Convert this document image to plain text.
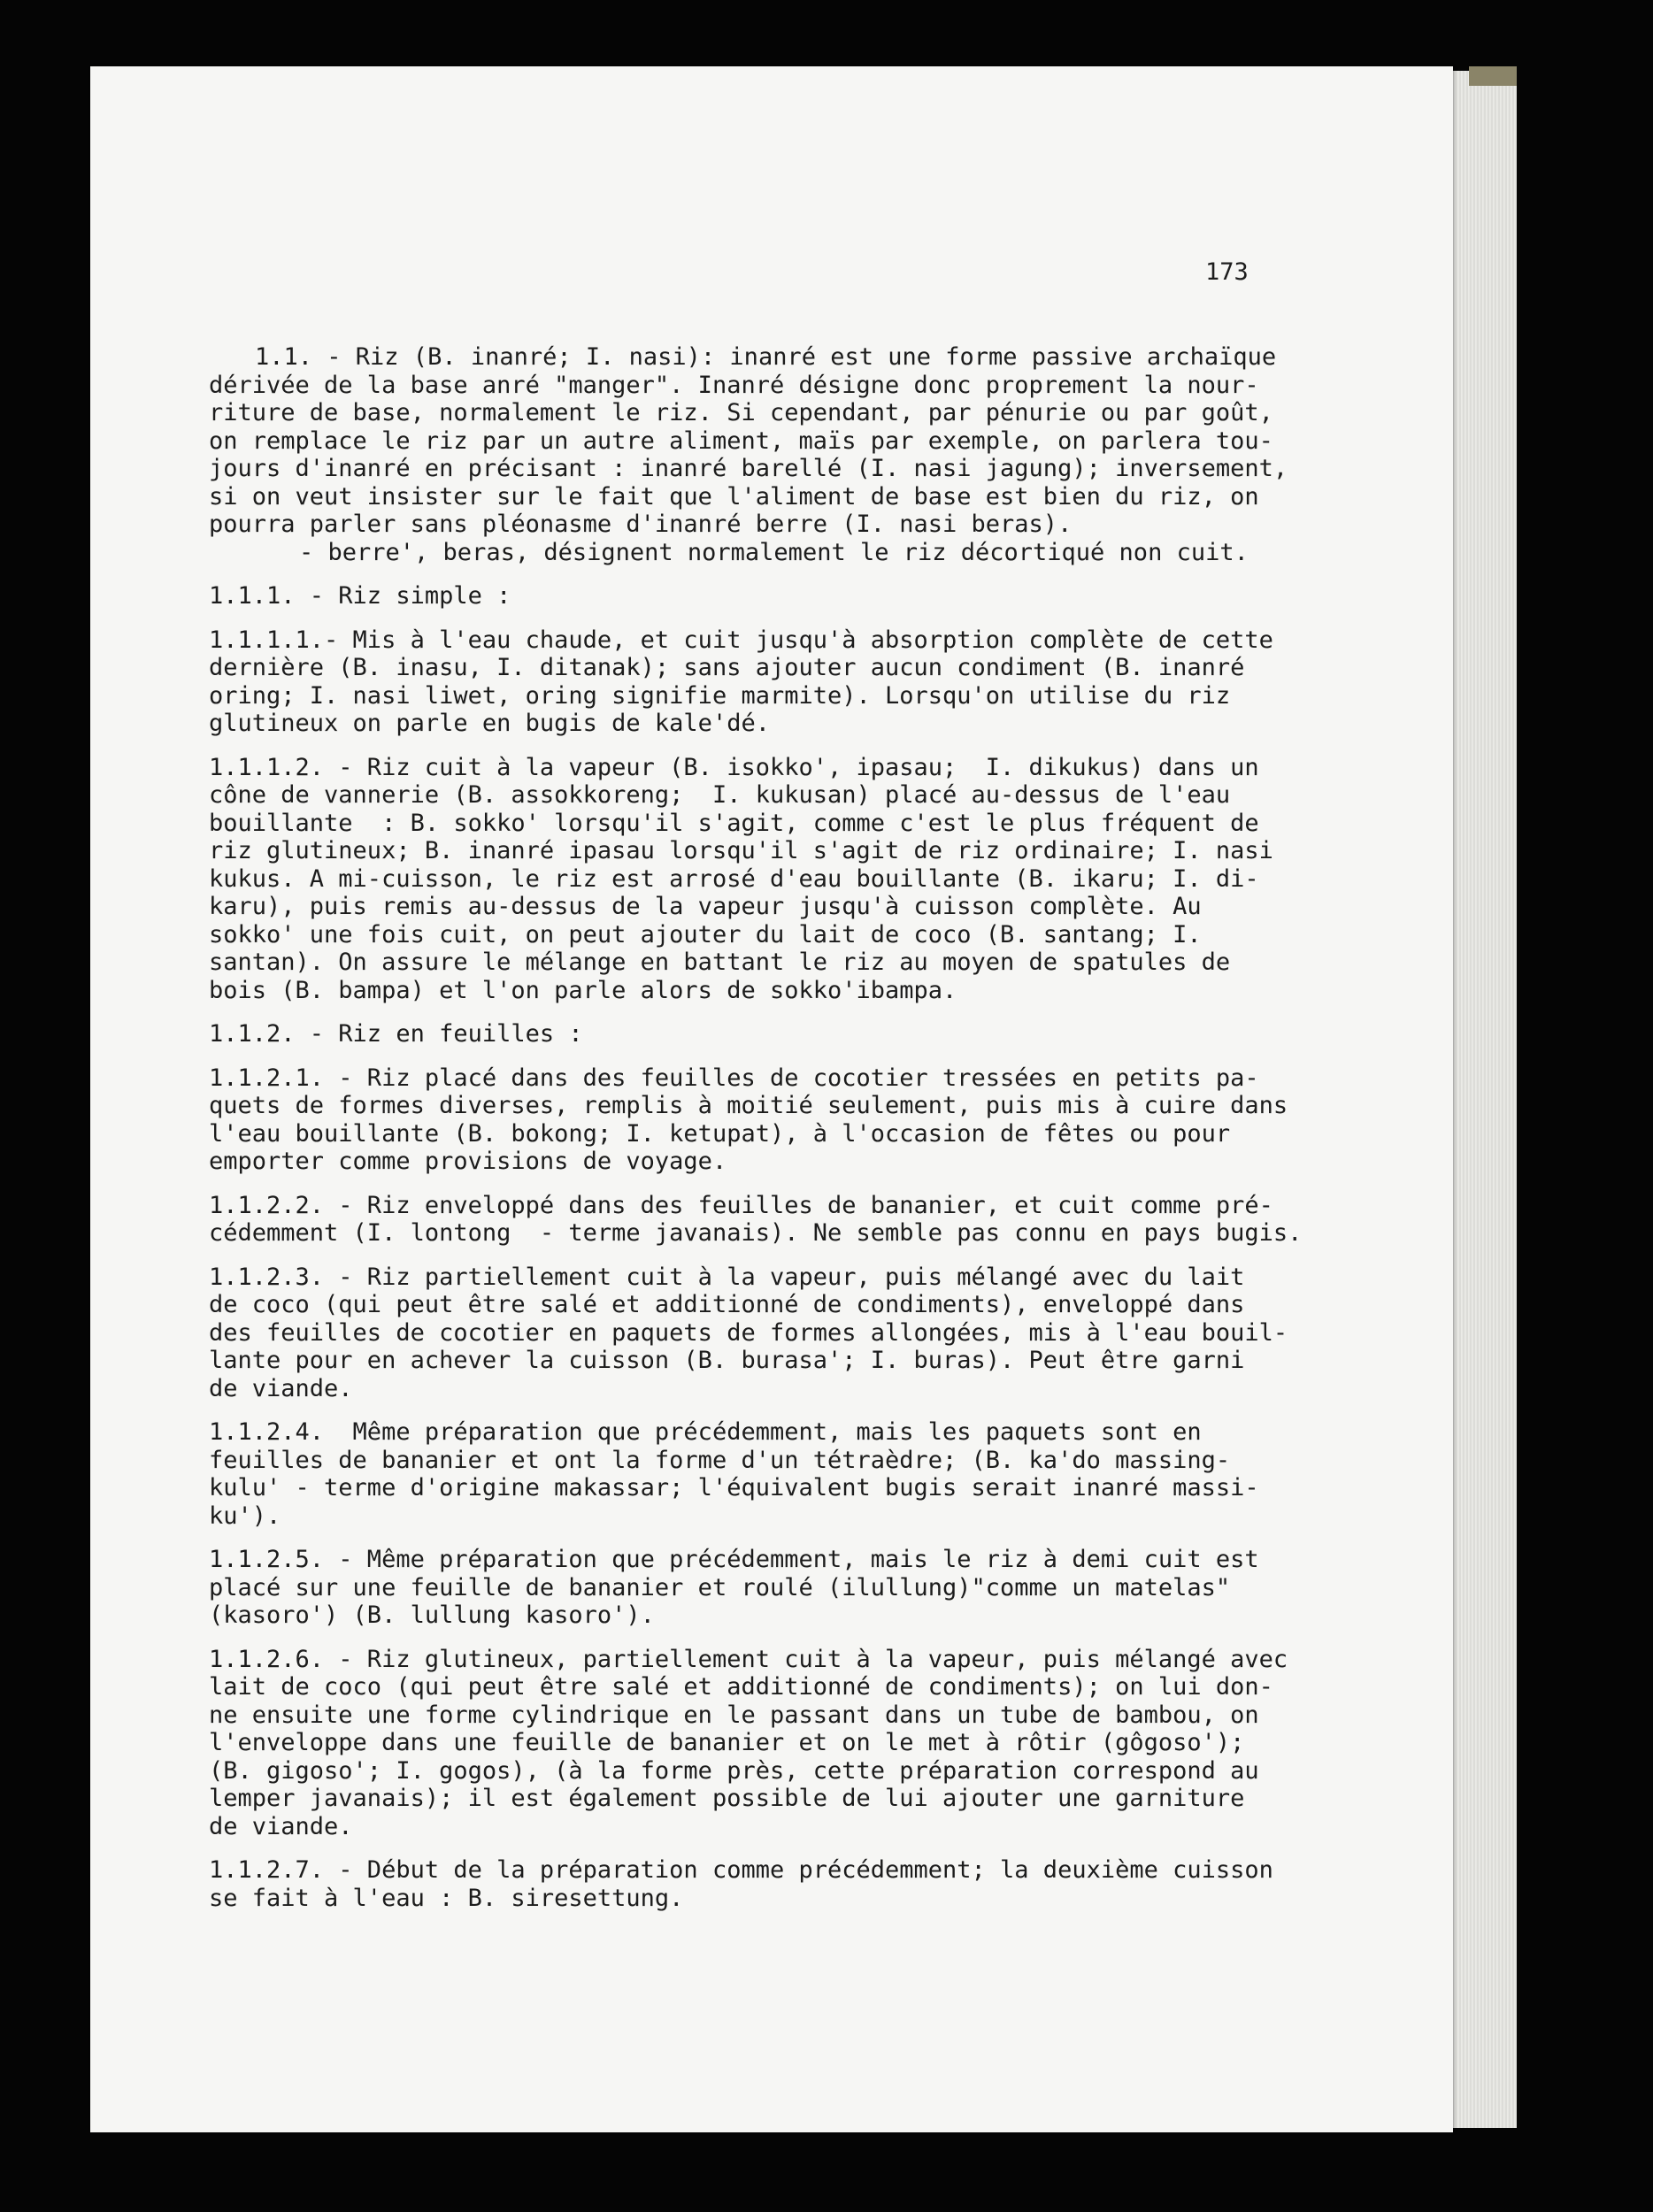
173
1.1. - Riz (B. inanré; I. nasi): inanré est une forme passive archaïque
dérivée de la base anré "manger". Inanré désigne donc proprement la nour-
riture de base, normalement le riz. Si cependant, par pénurie ou par goût,
on remplace le riz par un autre aliment, maïs par exemple, on parlera tou-
jours d'inanré en précisant : inanré barellé (I. nasi jagung); inversement,
si on veut insister sur le fait que l'aliment de base est bien du riz, on
pourra parler sans pléonasme d'inanré berre (I. nasi beras).
- berre', beras, désignent normalement le riz décortiqué non cuit.
1.1.1. - Riz simple :
1.1.1.1.- Mis à l'eau chaude, et cuit jusqu'à absorption complète de cette
dernière (B. inasu, I. ditanak); sans ajouter aucun condiment (B. inanré
oring; I. nasi liwet, oring signifie marmite). Lorsqu'on utilise du riz
glutineux on parle en bugis de kale'dé.
1.1.1.2. - Riz cuit à la vapeur (B. isokko', ipasau;  I. dikukus) dans un
cône de vannerie (B. assokkoreng;  I. kukusan) placé au-dessus de l'eau
bouillante  : B. sokko' lorsqu'il s'agit, comme c'est le plus fréquent de
riz glutineux; B. inanré ipasau lorsqu'il s'agit de riz ordinaire; I. nasi
kukus. A mi-cuisson, le riz est arrosé d'eau bouillante (B. ikaru; I. di-
karu), puis remis au-dessus de la vapeur jusqu'à cuisson complète. Au
sokko' une fois cuit, on peut ajouter du lait de coco (B. santang; I.
santan). On assure le mélange en battant le riz au moyen de spatules de
bois (B. bampa) et l'on parle alors de sokko'ibampa.
1.1.2. - Riz en feuilles :
1.1.2.1. - Riz placé dans des feuilles de cocotier tressées en petits pa-
quets de formes diverses, remplis à moitié seulement, puis mis à cuire dans
l'eau bouillante (B. bokong; I. ketupat), à l'occasion de fêtes ou pour
emporter comme provisions de voyage.
1.1.2.2. - Riz enveloppé dans des feuilles de bananier, et cuit comme pré-
cédemment (I. lontong  - terme javanais). Ne semble pas connu en pays bugis.
1.1.2.3. - Riz partiellement cuit à la vapeur, puis mélangé avec du lait
de coco (qui peut être salé et additionné de condiments), enveloppé dans
des feuilles de cocotier en paquets de formes allongées, mis à l'eau bouil-
lante pour en achever la cuisson (B. burasa'; I. buras). Peut être garni
de viande.
1.1.2.4.  Même préparation que précédemment, mais les paquets sont en
feuilles de bananier et ont la forme d'un tétraèdre; (B. ka'do massing-
kulu' - terme d'origine makassar; l'équivalent bugis serait inanré massi-
ku').
1.1.2.5. - Même préparation que précédemment, mais le riz à demi cuit est
placé sur une feuille de bananier et roulé (ilullung)"comme un matelas"
(kasoro') (B. lullung kasoro').
1.1.2.6. - Riz glutineux, partiellement cuit à la vapeur, puis mélangé avec
lait de coco (qui peut être salé et additionné de condiments); on lui don-
ne ensuite une forme cylindrique en le passant dans un tube de bambou, on
l'enveloppe dans une feuille de bananier et on le met à rôtir (gôgoso');
(B. gigoso'; I. gogos), (à la forme près, cette préparation correspond au
lemper javanais); il est également possible de lui ajouter une garniture
de viande.
1.1.2.7. - Début de la préparation comme précédemment; la deuxième cuisson
se fait à l'eau : B. siresettung.
